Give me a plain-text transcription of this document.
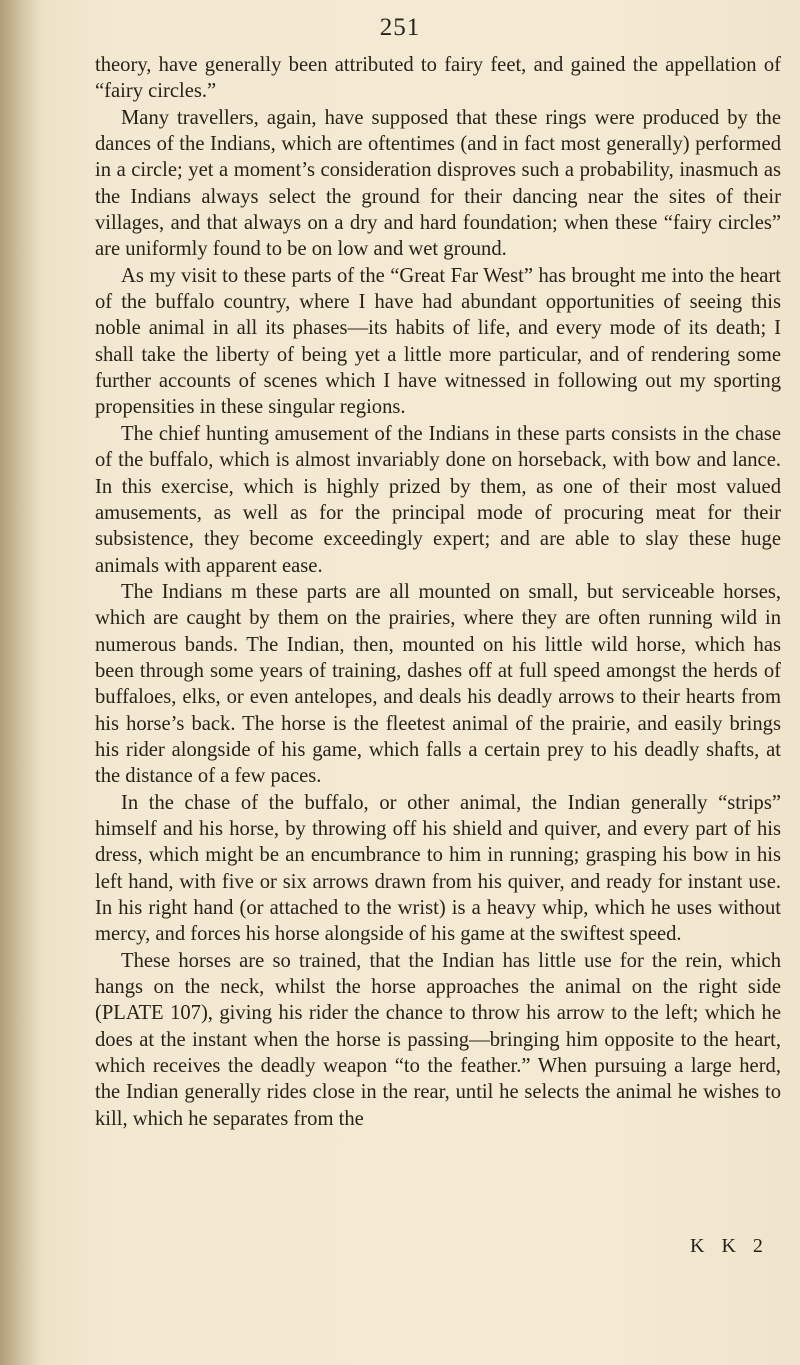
251

theory, have generally been attributed to fairy feet, and gained the appellation of “fairy circles.”

Many travellers, again, have supposed that these rings were produced by the dances of the Indians, which are oftentimes (and in fact most generally) performed in a circle; yet a moment’s consideration disproves such a probability, inasmuch as the Indians always select the ground for their dancing near the sites of their villages, and that always on a dry and hard foundation; when these “fairy circles” are uniformly found to be on low and wet ground.

As my visit to these parts of the “Great Far West” has brought me into the heart of the buffalo country, where I have had abundant opportunities of seeing this noble animal in all its phases—its habits of life, and every mode of its death; I shall take the liberty of being yet a little more particular, and of rendering some further accounts of scenes which I have witnessed in following out my sporting propensities in these singular regions.

The chief hunting amusement of the Indians in these parts consists in the chase of the buffalo, which is almost invariably done on horseback, with bow and lance. In this exercise, which is highly prized by them, as one of their most valued amusements, as well as for the principal mode of procuring meat for their subsistence, they become exceedingly expert; and are able to slay these huge animals with apparent ease.

The Indians m these parts are all mounted on small, but serviceable horses, which are caught by them on the prairies, where they are often running wild in numerous bands. The Indian, then, mounted on his little wild horse, which has been through some years of training, dashes off at full speed amongst the herds of buffaloes, elks, or even antelopes, and deals his deadly arrows to their hearts from his horse’s back. The horse is the fleetest animal of the prairie, and easily brings his rider alongside of his game, which falls a certain prey to his deadly shafts, at the distance of a few paces.

In the chase of the buffalo, or other animal, the Indian generally “strips” himself and his horse, by throwing off his shield and quiver, and every part of his dress, which might be an encumbrance to him in running; grasping his bow in his left hand, with five or six arrows drawn from his quiver, and ready for instant use. In his right hand (or attached to the wrist) is a heavy whip, which he uses without mercy, and forces his horse alongside of his game at the swiftest speed.

These horses are so trained, that the Indian has little use for the rein, which hangs on the neck, whilst the horse approaches the animal on the right side (PLATE 107), giving his rider the chance to throw his arrow to the left; which he does at the instant when the horse is passing—bringing him opposite to the heart, which receives the deadly weapon “to the feather.” When pursuing a large herd, the Indian generally rides close in the rear, until he selects the animal he wishes to kill, which he separates from the

K K 2
